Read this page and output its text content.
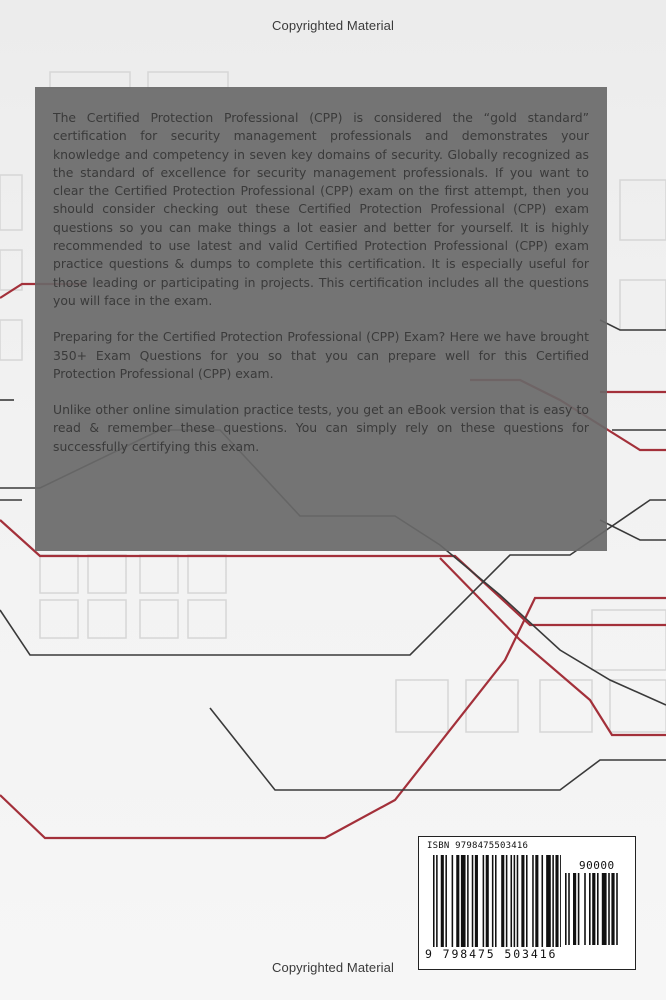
Copyrighted Material

The Certified Protection Professional (CPP) is considered the “gold standard” certification for security management professionals and demonstrates your knowledge and competency in seven key domains of security. Globally recognized as the standard of excellence for security management professionals. If you want to clear the Certified Protection Professional (CPP) exam on the first attempt, then you should consider checking out these Certified Protection Professional (CPP) exam questions so you can make things a lot easier and better for yourself. It is highly recommended to use latest and valid Certified Protection Professional (CPP) exam practice questions & dumps to complete this certification. It is especially useful for those leading or participating in projects. This certification includes all the questions you will face in the exam.

Preparing for the Certified Protection Professional (CPP) Exam? Here we have brought 350+ Exam Questions for you so that you can prepare well for this Certified Protection Professional (CPP) exam.

Unlike other online simulation practice tests, you get an eBook version that is easy to read & remember these questions. You can simply rely on these questions for successfully certifying this exam.

ISBN 9798475503416
90000
9 798475 503416
Copyrighted Material
